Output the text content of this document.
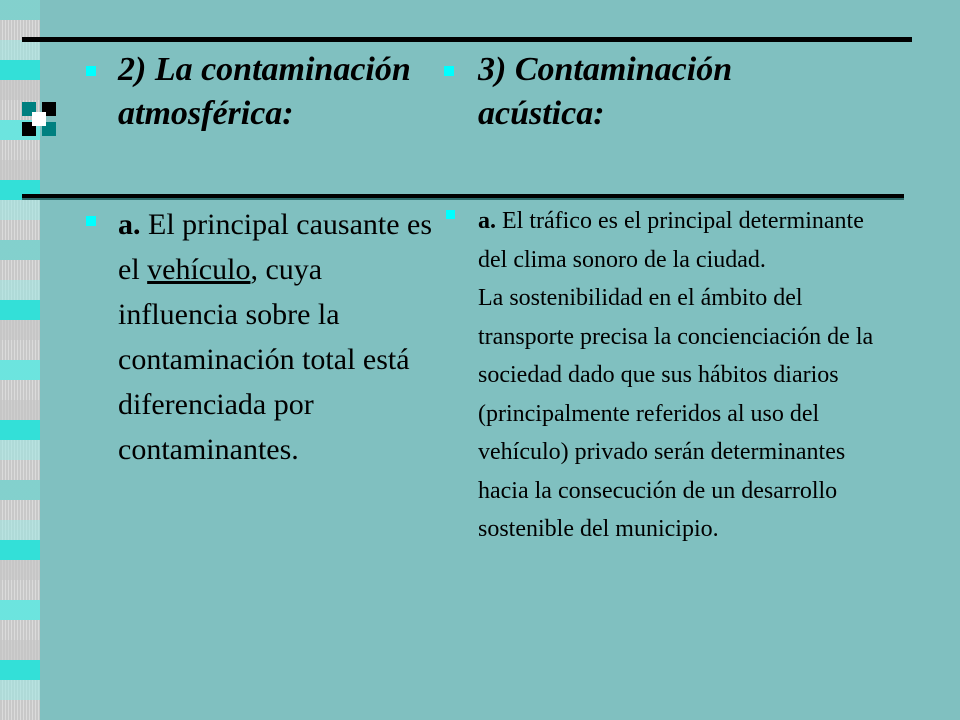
2) La contaminación atmosférica:
a. El principal causante es el vehículo, cuya influencia sobre la contaminación total está diferenciada por contaminantes.
3) Contaminación acústica:
a. El tráfico es el principal determinante del clima sonoro de la ciudad.
La sostenibilidad en el ámbito del transporte precisa la concienciación de la sociedad dado que sus hábitos diarios (principalmente referidos al uso del vehículo) privado serán determinantes hacia la consecución de un desarrollo sostenible del municipio.
